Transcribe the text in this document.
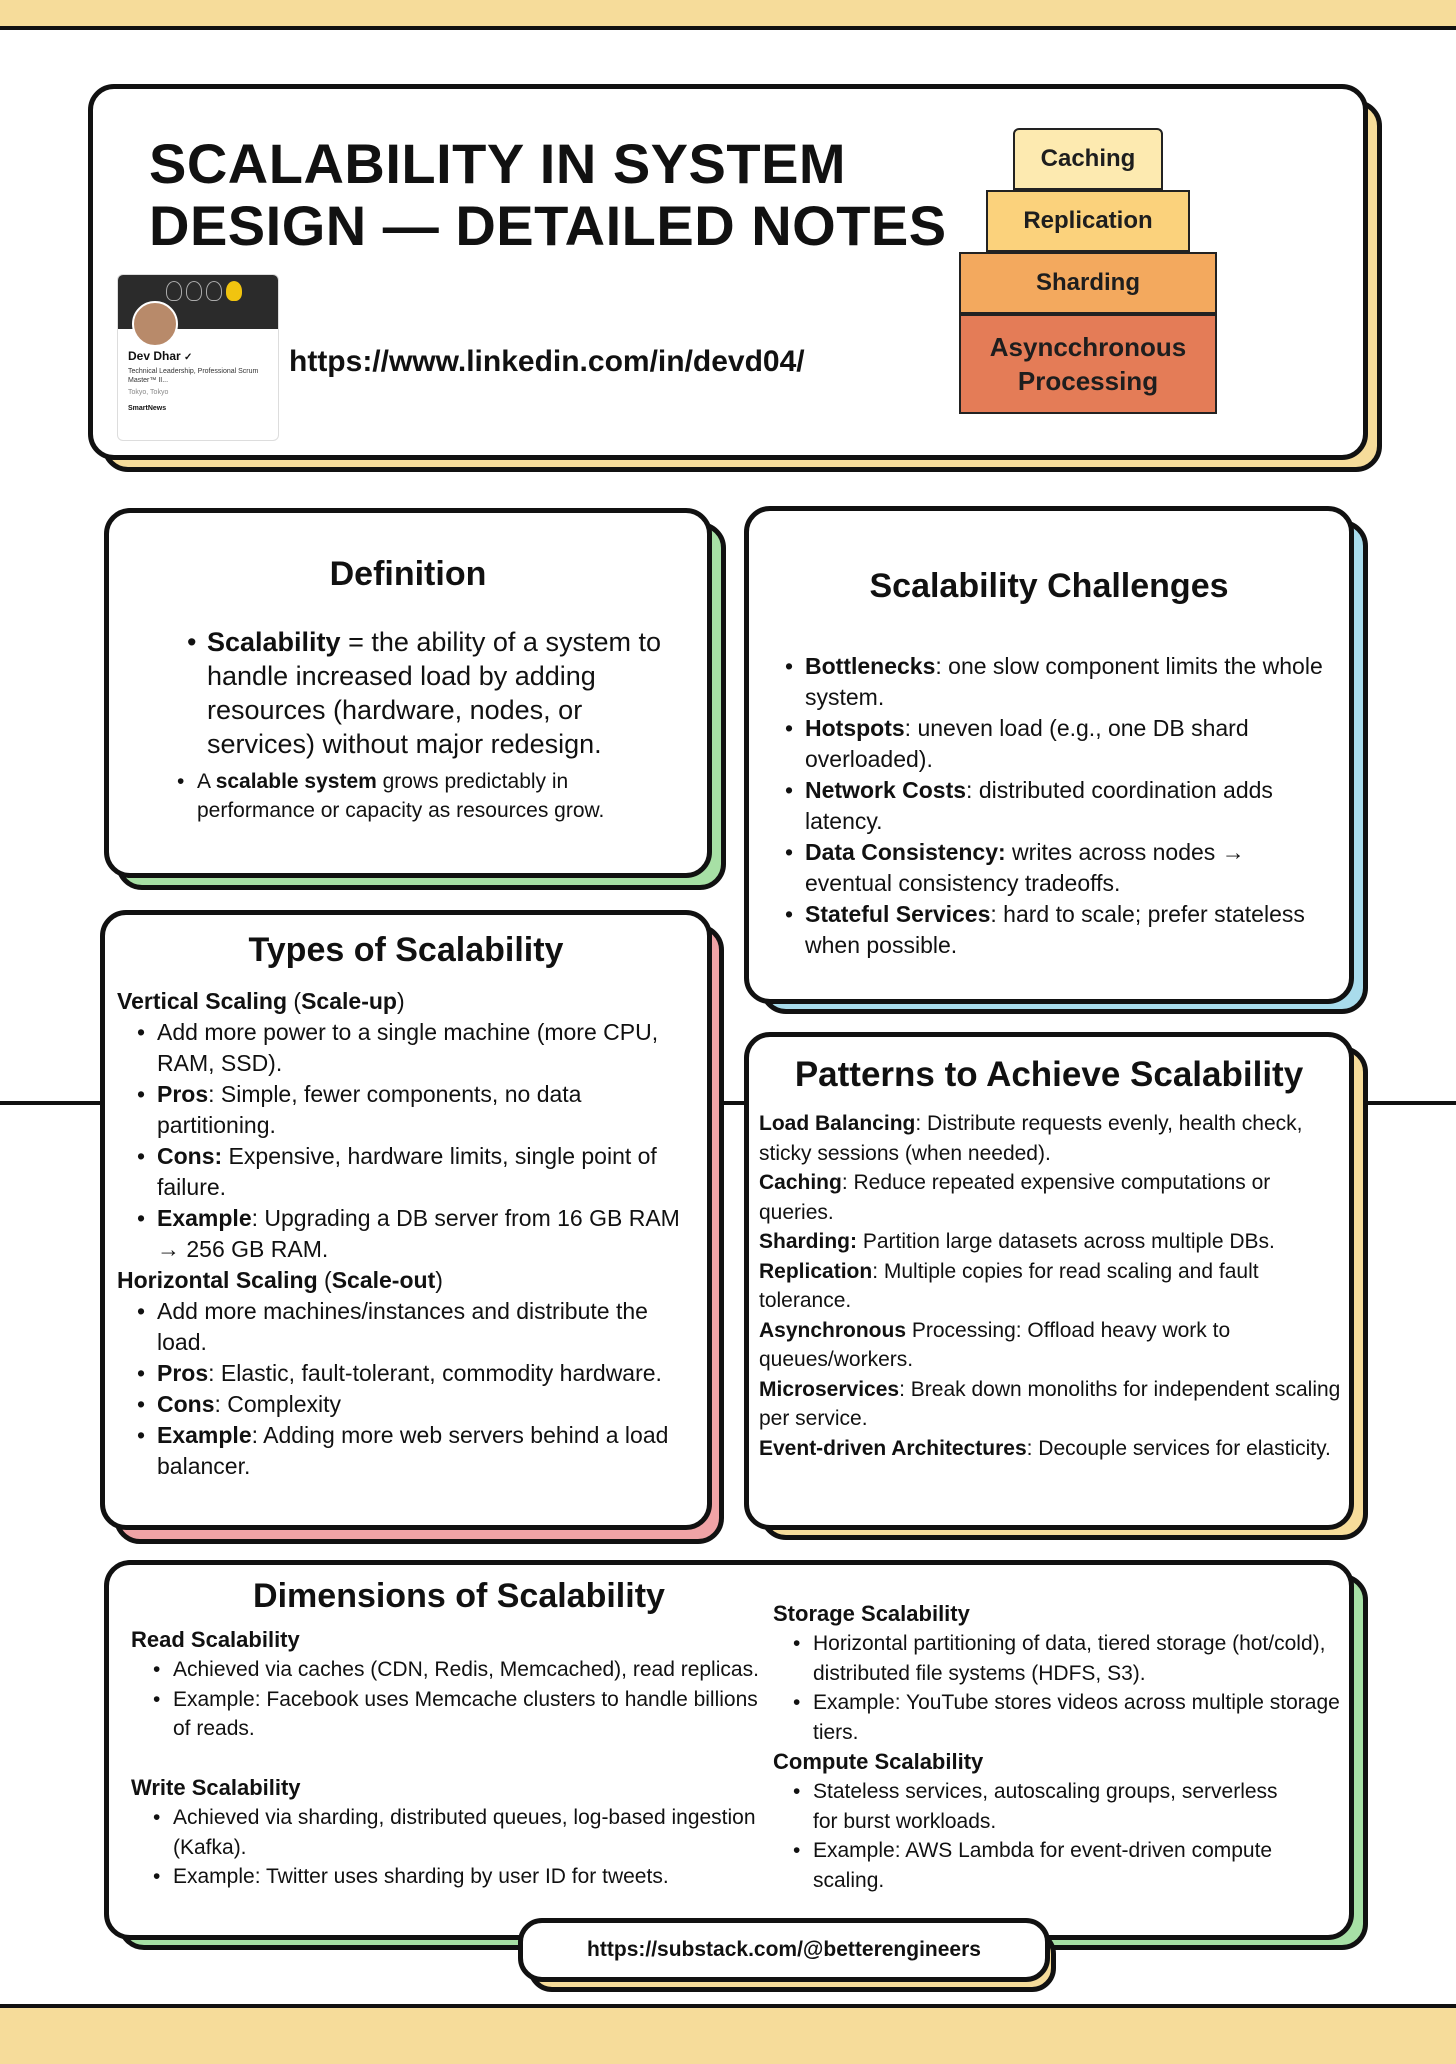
SCALABILITY IN SYSTEM
DESIGN — DETAILED NOTES
Dev Dhar ✓
Technical Leadership, Professional Scrum Master™ II...
Tokyo, Tokyo
SmartNews
https://www.linkedin.com/in/devd04/
Caching
Replication
Sharding
Asyncchronous Processing
Definition
• Scalability = the ability of a system to handle increased load by adding resources (hardware, nodes, or services) without major redesign.
• A scalable system grows predictably in performance or capacity as resources grow.
Scalability Challenges
• Bottlenecks: one slow component limits the whole system.
• Hotspots: uneven load (e.g., one DB shard overloaded).
• Network Costs: distributed coordination adds latency.
• Data Consistency: writes across nodes → eventual consistency tradeoffs.
• Stateful Services: hard to scale; prefer stateless when possible.
Types of Scalability
Vertical Scaling (Scale-up)
• Add more power to a single machine (more CPU, RAM, SSD).
• Pros: Simple, fewer components, no data partitioning.
• Cons: Expensive, hardware limits, single point of failure.
• Example: Upgrading a DB server from 16 GB RAM → 256 GB RAM.
Horizontal Scaling (Scale-out)
• Add more machines/instances and distribute the load.
• Pros: Elastic, fault-tolerant, commodity hardware.
• Cons: Complexity
• Example: Adding more web servers behind a load balancer.
Patterns to Achieve Scalability
Load Balancing: Distribute requests evenly, health check, sticky sessions (when needed).
Caching: Reduce repeated expensive computations or queries.
Sharding: Partition large datasets across multiple DBs.
Replication: Multiple copies for read scaling and fault tolerance.
Asynchronous Processing: Offload heavy work to queues/workers.
Microservices: Break down monoliths for independent scaling per service.
Event-driven Architectures: Decouple services for elasticity.
Dimensions of Scalability
Read Scalability
• Achieved via caches (CDN, Redis, Memcached), read replicas.
• Example: Facebook uses Memcache clusters to handle billions of reads.
Write Scalability
• Achieved via sharding, distributed queues, log-based ingestion (Kafka).
• Example: Twitter uses sharding by user ID for tweets.
Storage Scalability
• Horizontal partitioning of data, tiered storage (hot/cold), distributed file systems (HDFS, S3).
• Example: YouTube stores videos across multiple storage tiers.
Compute Scalability
• Stateless services, autoscaling groups, serverless for burst workloads.
• Example: AWS Lambda for event-driven compute scaling.
https://substack.com/@betterengineers
